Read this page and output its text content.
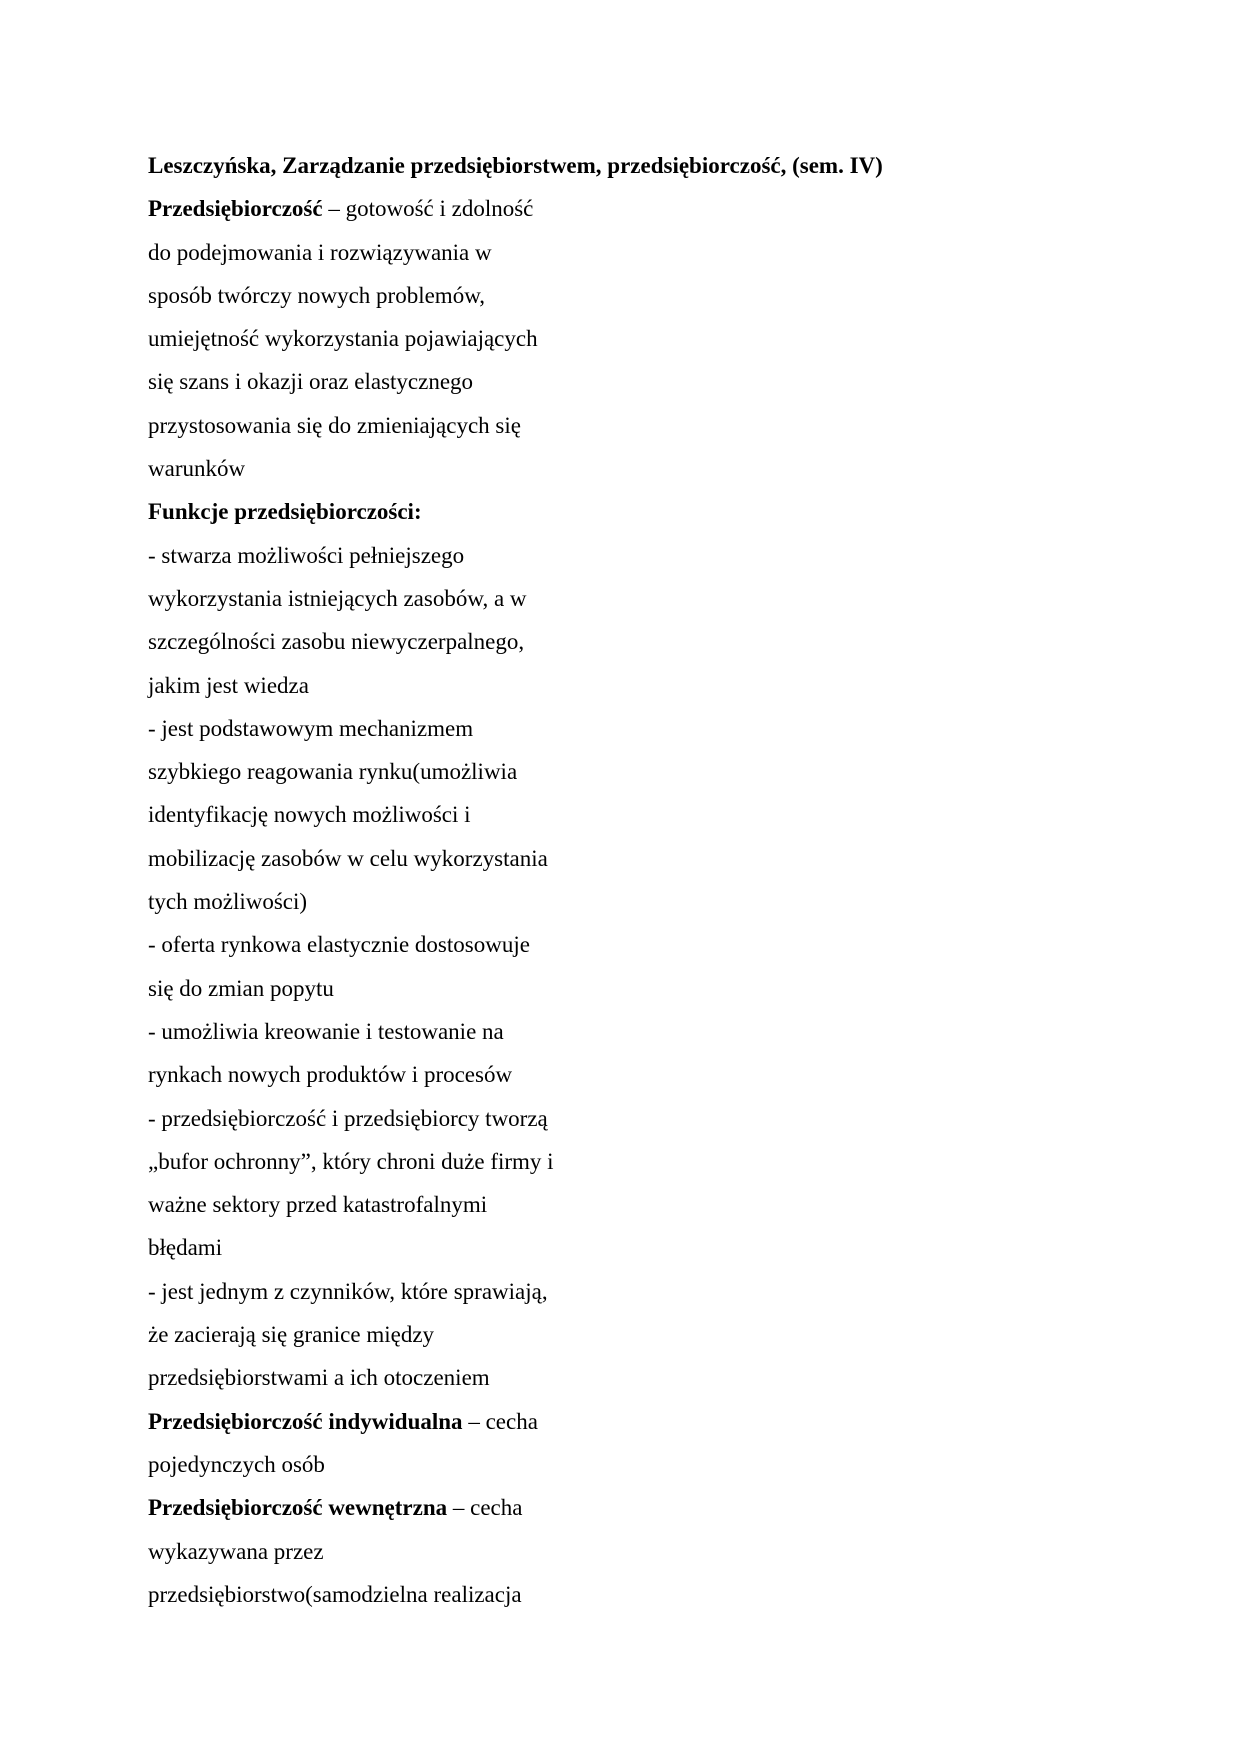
Leszczyńska, Zarządzanie przedsiębiorstwem, przedsiębiorczość, (sem. IV)
Przedsiębiorczość – gotowość i zdolność
do podejmowania i rozwiązywania w
sposób twórczy nowych problemów,
umiejętność wykorzystania pojawiających
się szans i okazji oraz elastycznego
przystosowania się do zmieniających się
warunków
Funkcje przedsiębiorczości:
- stwarza możliwości pełniejszego
wykorzystania istniejących zasobów, a w
szczególności zasobu niewyczerpalnego,
jakim jest wiedza
- jest podstawowym mechanizmem
szybkiego reagowania rynku(umożliwia
identyfikację nowych możliwości i
mobilizację zasobów w celu wykorzystania
tych możliwości)
- oferta rynkowa elastycznie dostosowuje
się do zmian popytu
- umożliwia kreowanie i testowanie na
rynkach nowych produktów i procesów
- przedsiębiorczość i przedsiębiorcy tworzą
„bufor ochronny”, który chroni duże firmy i
ważne sektory przed katastrofalnymi
błędami
- jest jednym z czynników, które sprawiają,
że zacierają się granice między
przedsiębiorstwami a ich otoczeniem
Przedsiębiorczość indywidualna – cecha
pojedynczych osób
Przedsiębiorczość wewnętrzna – cecha
wykazywana przez
przedsiębiorstwo(samodzielna realizacja
